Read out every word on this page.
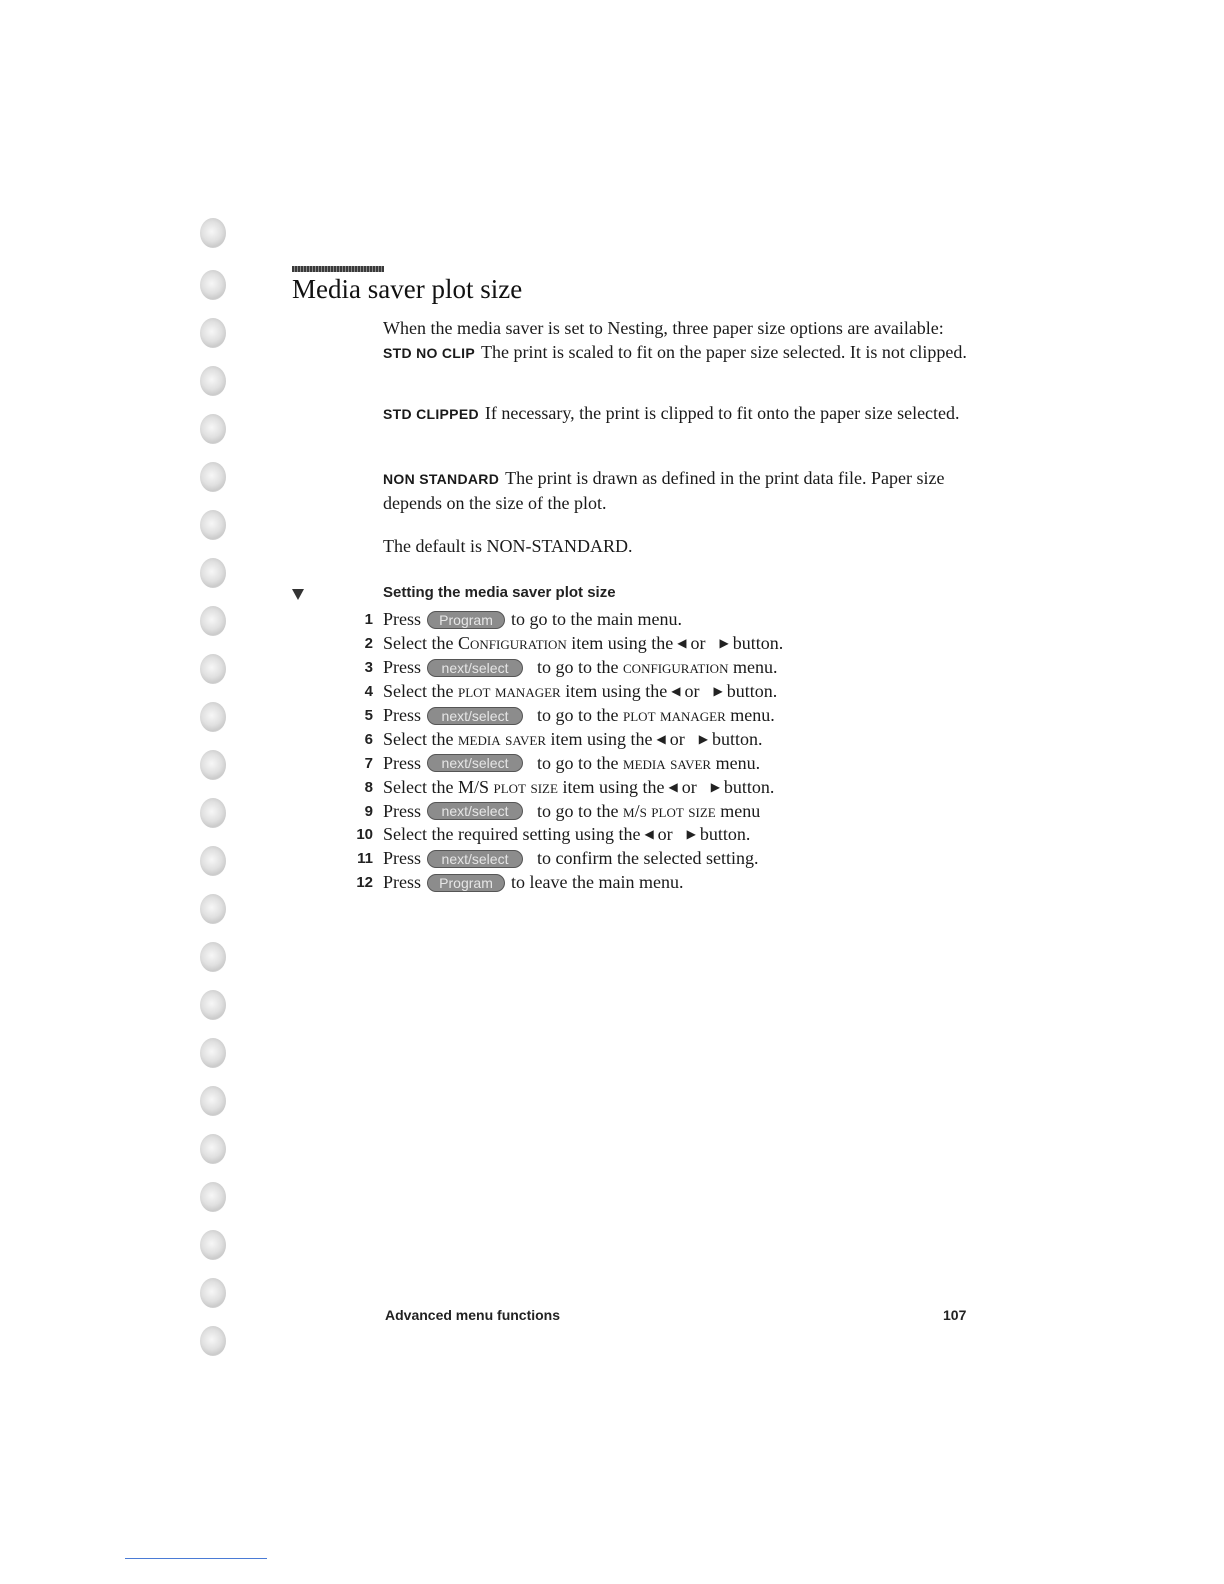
Media saver plot size
When the media saver is set to Nesting, three paper size options are available:
STD NO CLIP The print is scaled to fit on the paper size selected. It is not clipped.
STD CLIPPED If necessary, the print is clipped to fit onto the paper size selected.
NON STANDARD The print is drawn as defined in the print data file. Paper size depends on the size of the plot.
The default is NON-STANDARD.
Setting the media saver plot size
1 Press	Program	to go to the main menu.
2 Select the
Configuration
item using the ◀ or ▶ button.
3 Press	next/select	to go to the
configuration
menu.
4 Select the
plot manager
item using the ◀ or ▶ button.
5 Press	next/select	to go to the
plot manager
menu.
6 Select the
media saver
item using the ◀ or ▶ button.
7 Press	next/select	to go to the
media saver
menu.
8 Select the
M/S plot size
item using the ◀ or ▶ button.
9 Press	next/select	to go to the
m/s plot size
menu
10 Select the required setting using the ◀ or ▶ button.
11 Press	next/select	to confirm the selected setting.
12 Press	Program	to leave the main menu.
Advanced menu functions	107
